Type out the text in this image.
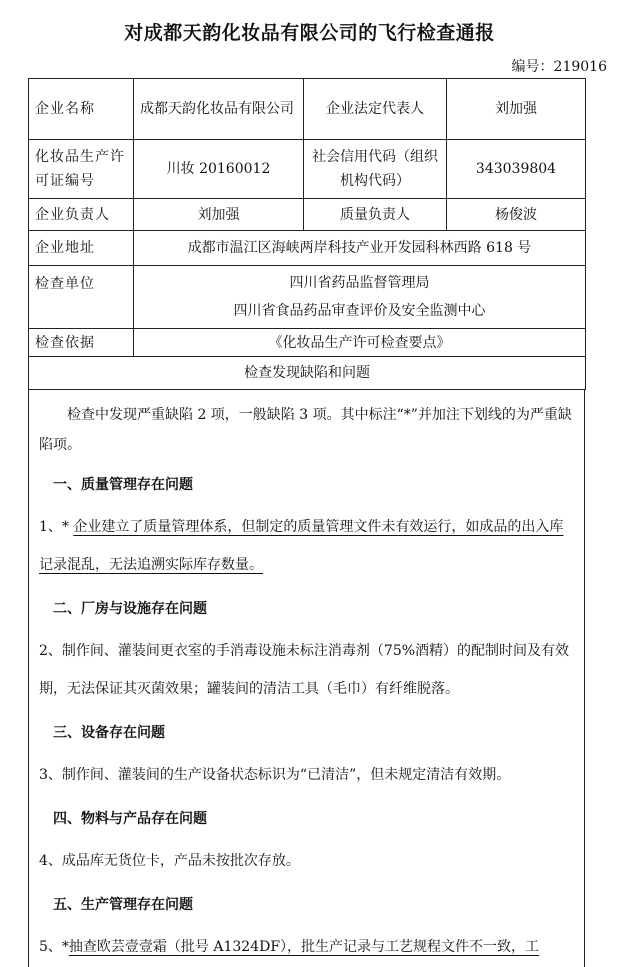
对成都天韵化妆品有限公司的飞行检查通报
编号：219016
企业名称	成都天韵化妆品有限公司	企业法定代表人	刘加强
化妆品生产许可证编号	川妆 20160012	社会信用代码（组织机构代码）	343039804
企业负责人	刘加强	质量负责人	杨俊波
企业地址	成都市温江区海峡两岸科技产业开发园科林西路 618 号		
检查单位	四川省药品监督管理局
四川省食品药品审查评价及安全监测中心		

检查依据	《化妆品生产许可检查要点》		
检查发现缺陷和问题			

检查中发现严重缺陷 2 项，一般缺陷 3 项。其中标注“*”并加注下划线的为严重缺陷项。

一、质量管理存在问题

1、* 企业建立了质量管理体系，但制定的质量管理文件未有效运行，如成品的出入库记录混乱，无法追溯实际库存数量。

二、厂房与设施存在问题

2、制作间、灌装间更衣室的手消毒设施未标注消毒剂（75%酒精）的配制时间及有效期，无法保证其灭菌效果；罐装间的清洁工具（毛巾）有纤维脱落。

三、设备存在问题

3、制作间、灌装间的生产设备状态标识为“已清洁”，但未规定清洁有效期。

四、物料与产品存在问题

4、成品库无货位卡，产品未按批次存放。

五、生产管理存在问题

5、*抽查欧芸壹壹霜（批号 A1324DF），批生产记录与工艺规程文件不一致，工
